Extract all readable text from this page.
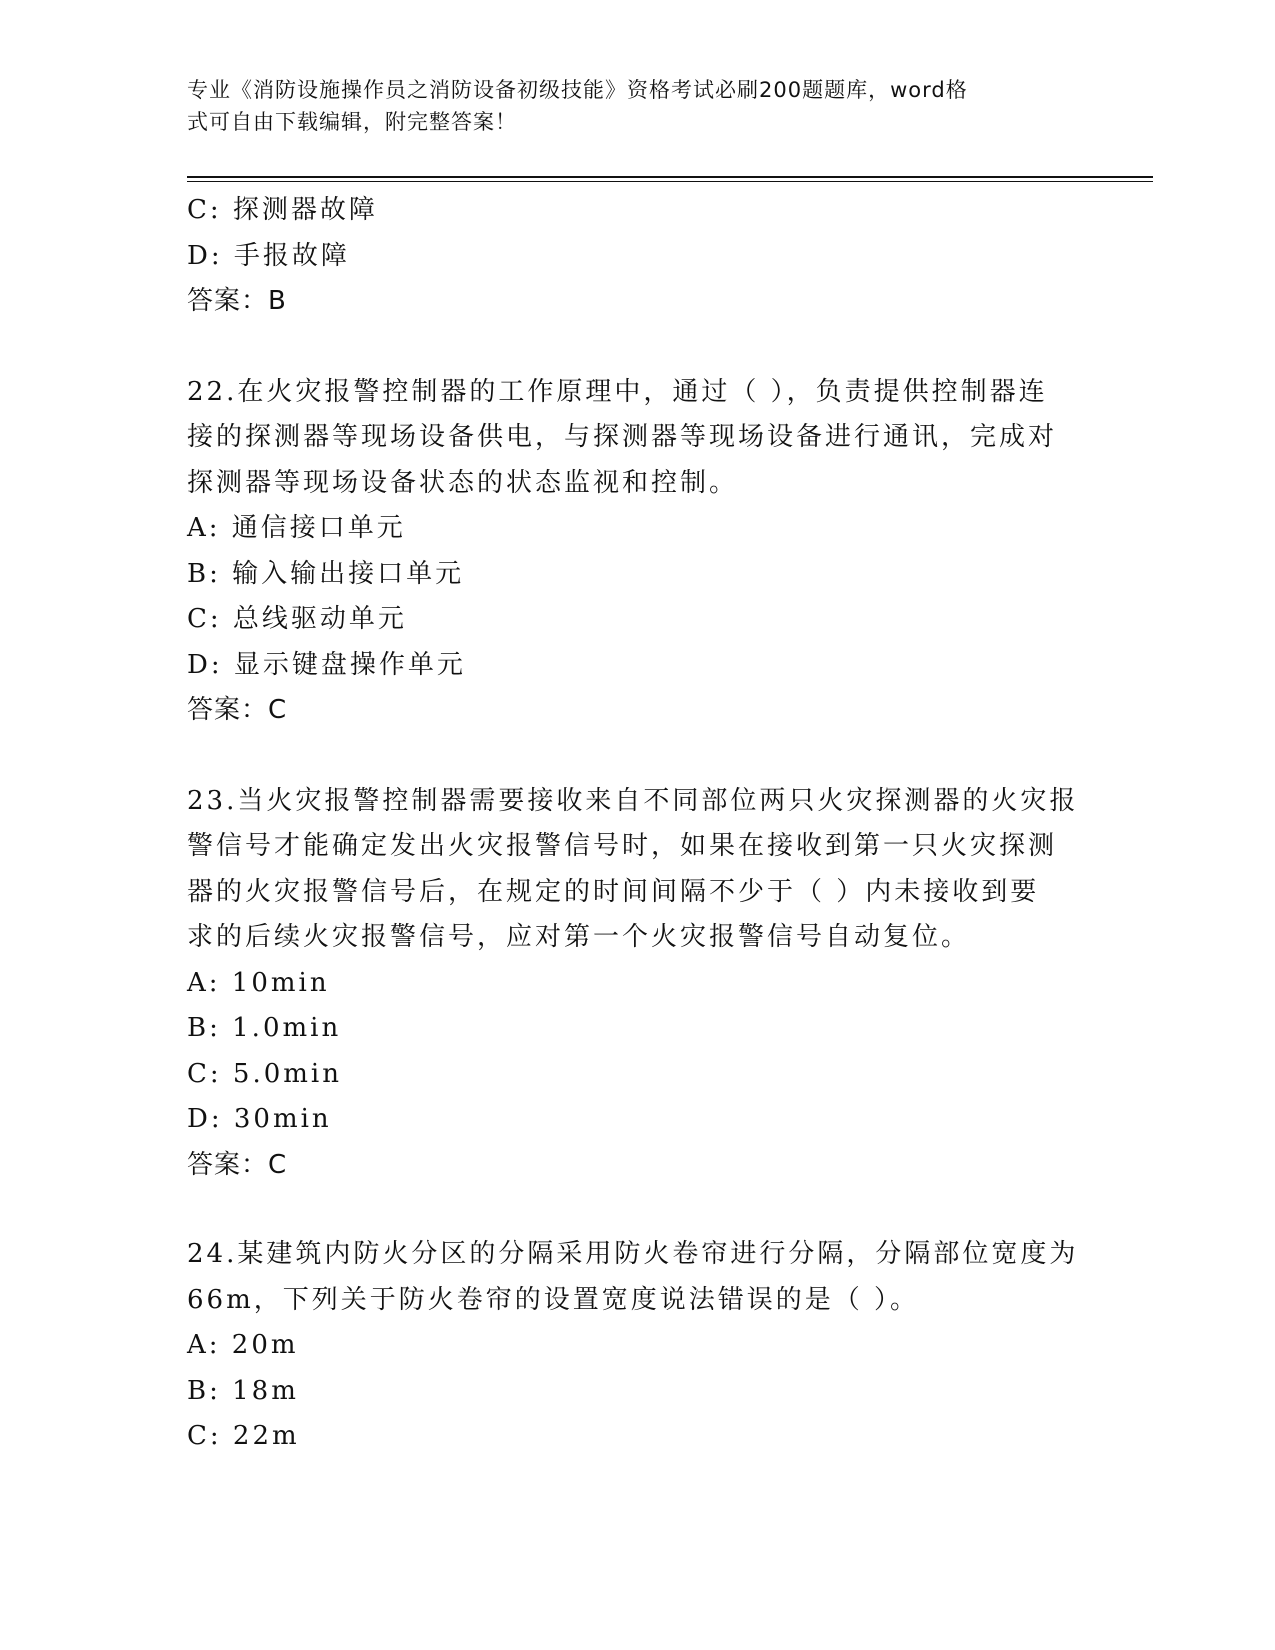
专业《消防设施操作员之消防设备初级技能》资格考试必刷200题题库，word格
式可自由下载编辑，附完整答案！
C: 探测器故障
D: 手报故障
答案：B
22.在火灾报警控制器的工作原理中，通过（ ），负责提供控制器连
接的探测器等现场设备供电，与探测器等现场设备进行通讯，完成对
探测器等现场设备状态的状态监视和控制。
A: 通信接口单元
B: 输入输出接口单元
C: 总线驱动单元
D: 显示键盘操作单元
答案：C
23.当火灾报警控制器需要接收来自不同部位两只火灾探测器的火灾报
警信号才能确定发出火灾报警信号时，如果在接收到第一只火灾探测
器的火灾报警信号后，在规定的时间间隔不少于（ ）内未接收到要
求的后续火灾报警信号，应对第一个火灾报警信号自动复位。
A: 10min
B: 1.0min
C: 5.0min
D: 30min
答案：C
24.某建筑内防火分区的分隔采用防火卷帘进行分隔，分隔部位宽度为
66m，下列关于防火卷帘的设置宽度说法错误的是（ ）。
A: 20m
B: 18m
C: 22m
